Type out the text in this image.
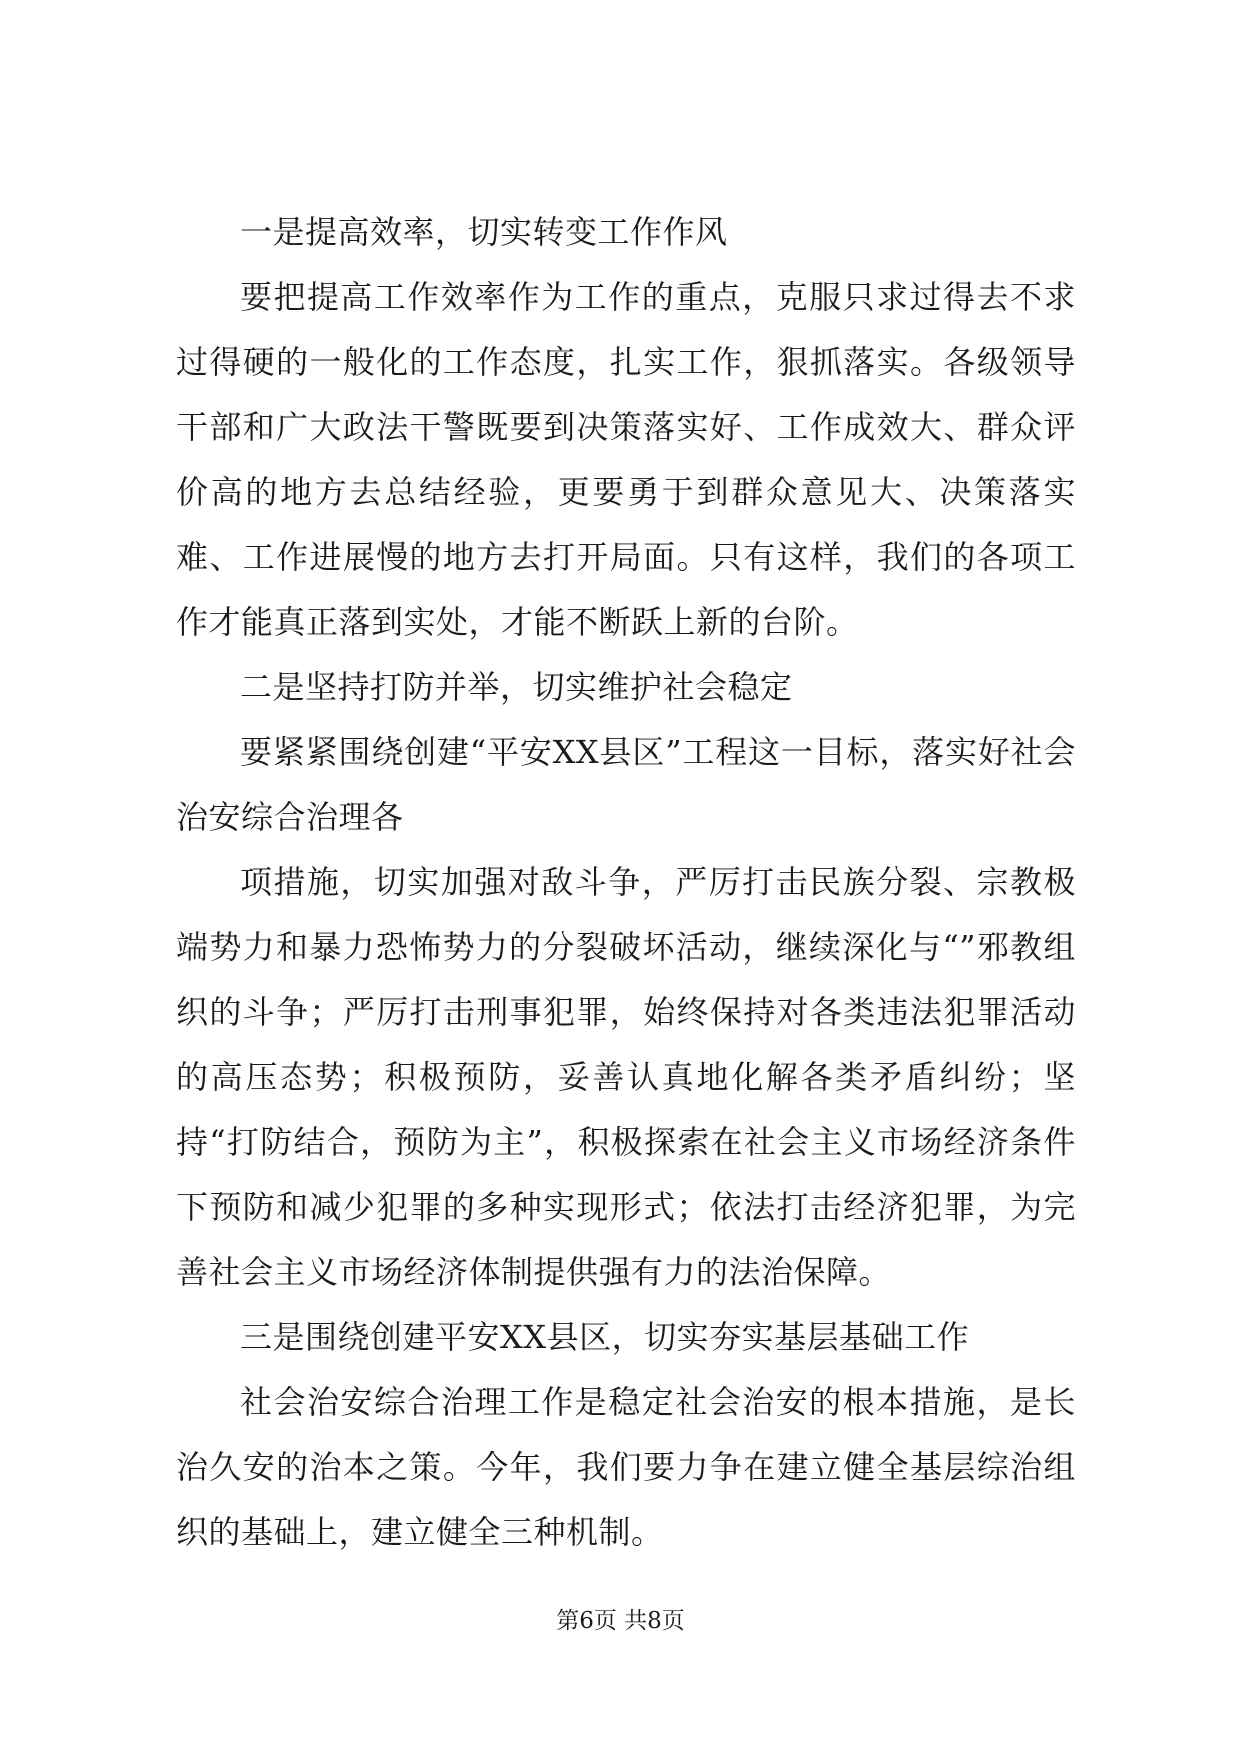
一是提高效率，切实转变工作作风

要把提高工作效率作为工作的重点，克服只求过得去不求过得硬的一般化的工作态度，扎实工作，狠抓落实。各级领导干部和广大政法干警既要到决策落实好、工作成效大、群众评价高的地方去总结经验，更要勇于到群众意见大、决策落实难、工作进展慢的地方去打开局面。只有这样，我们的各项工作才能真正落到实处，才能不断跃上新的台阶。

二是坚持打防并举，切实维护社会稳定

要紧紧围绕创建“平安XX县区”工程这一目标，落实好社会治安综合治理各

项措施，切实加强对敌斗争，严厉打击民族分裂、宗教极端势力和暴力恐怖势力的分裂破坏活动，继续深化与“”邪教组织的斗争；严厉打击刑事犯罪，始终保持对各类违法犯罪活动的高压态势；积极预防，妥善认真地化解各类矛盾纠纷；坚持“打防结合，预防为主”，积极探索在社会主义市场经济条件下预防和减少犯罪的多种实现形式；依法打击经济犯罪，为完善社会主义市场经济体制提供强有力的法治保障。

三是围绕创建平安XX县区，切实夯实基层基础工作

社会治安综合治理工作是稳定社会治安的根本措施，是长治久安的治本之策。今年，我们要力争在建立健全基层综治组织的基础上，建立健全三种机制。

第6页 共8页
